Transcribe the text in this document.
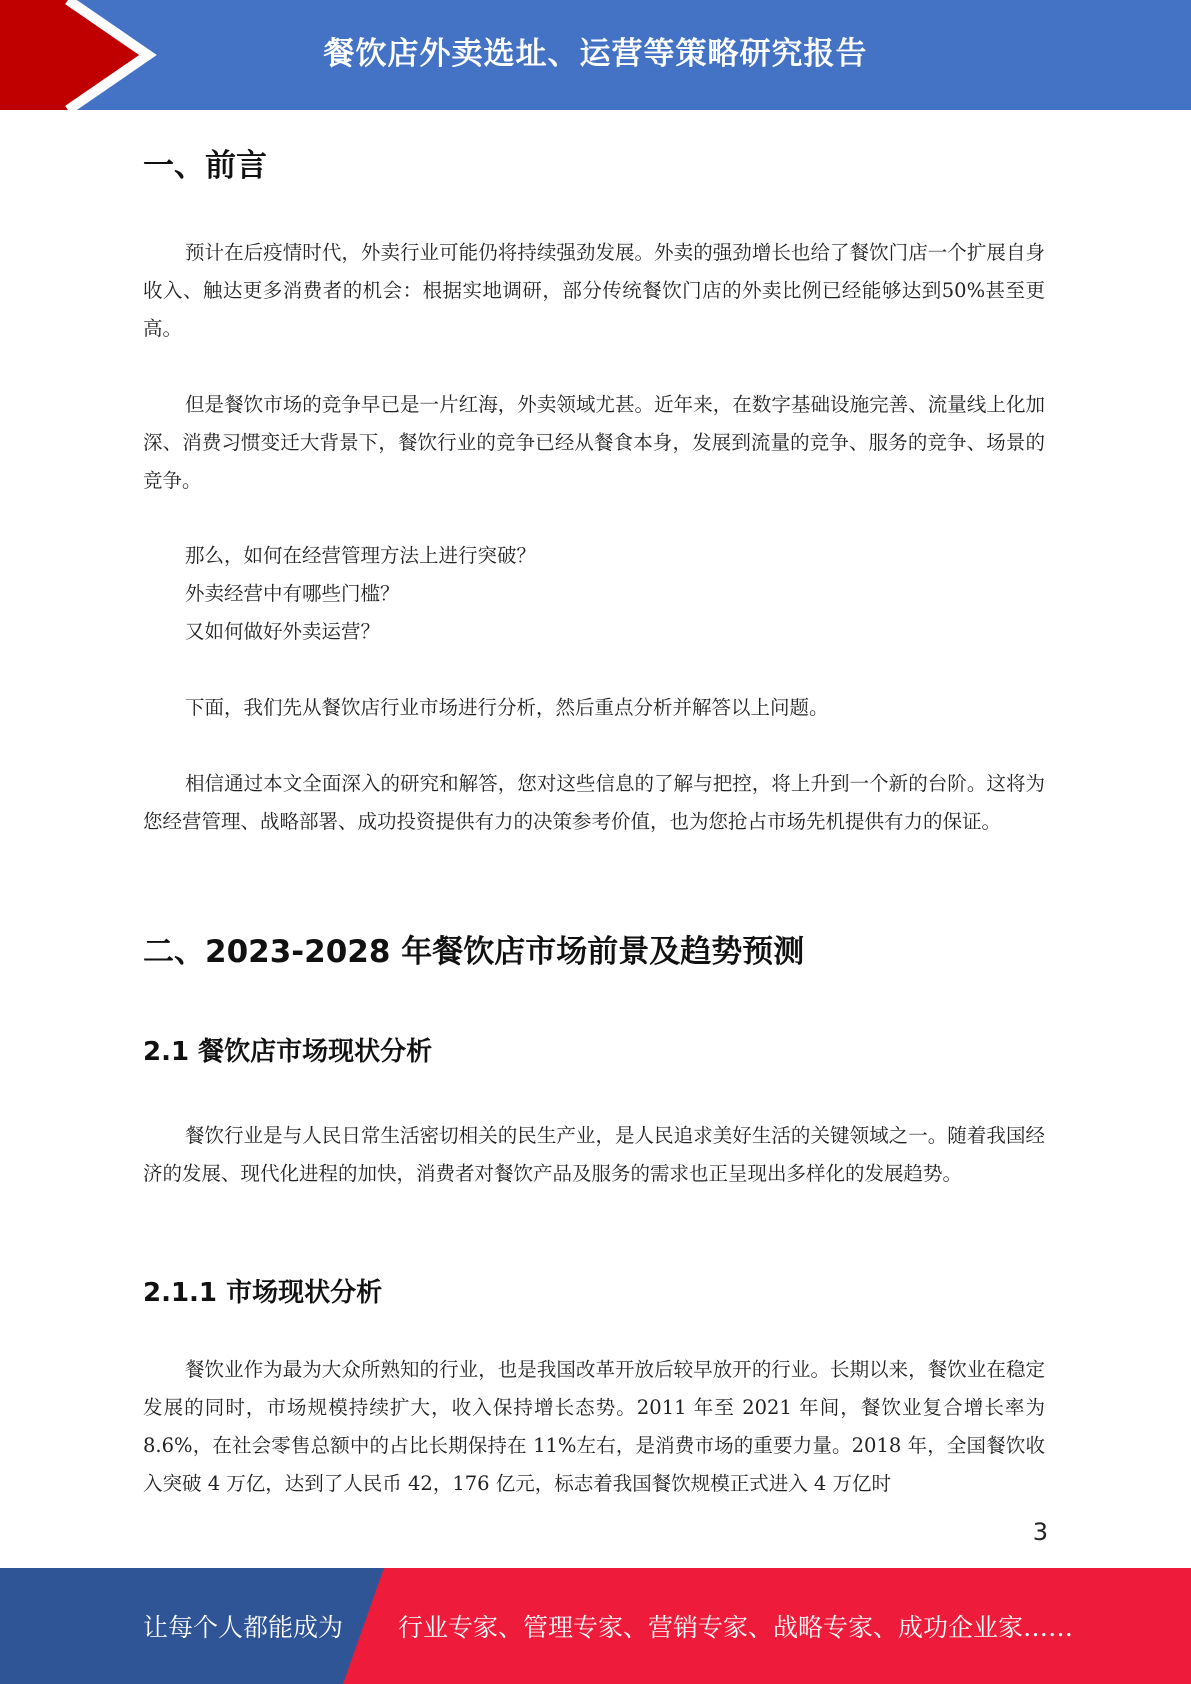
餐饮店外卖选址、运营等策略研究报告
一、前言
预计在后疫情时代，外卖行业可能仍将持续强劲发展。外卖的强劲增长也给了餐饮门店一个扩展自身收入、触达更多消费者的机会：根据实地调研，部分传统餐饮门店的外卖比例已经能够达到50%甚至更高。
但是餐饮市场的竞争早已是一片红海，外卖领域尤甚。近年来，在数字基础设施完善、流量线上化加深、消费习惯变迁大背景下，餐饮行业的竞争已经从餐食本身，发展到流量的竞争、服务的竞争、场景的竞争。
那么，如何在经营管理方法上进行突破？
外卖经营中有哪些门槛？
又如何做好外卖运营？
下面，我们先从餐饮店行业市场进行分析，然后重点分析并解答以上问题。
相信通过本文全面深入的研究和解答，您对这些信息的了解与把控，将上升到一个新的台阶。这将为您经营管理、战略部署、成功投资提供有力的决策参考价值，也为您抢占市场先机提供有力的保证。
二、2023-2028 年餐饮店市场前景及趋势预测
2.1 餐饮店市场现状分析
餐饮行业是与人民日常生活密切相关的民生产业，是人民追求美好生活的关键领域之一。随着我国经济的发展、现代化进程的加快，消费者对餐饮产品及服务的需求也正呈现出多样化的发展趋势。
2.1.1 市场现状分析
餐饮业作为最为大众所熟知的行业，也是我国改革开放后较早放开的行业。长期以来，餐饮业在稳定发展的同时，市场规模持续扩大，收入保持增长态势。2011 年至 2021 年间，餐饮业复合增长率为 8.6%，在社会零售总额中的占比长期保持在 11%左右，是消费市场的重要力量。2018 年，全国餐饮收入突破 4 万亿，达到了人民币 42，176 亿元，标志着我国餐饮规模正式进入 4 万亿时
3
让每个人都能成为 行业专家、管理专家、营销专家、战略专家、成功企业家……
